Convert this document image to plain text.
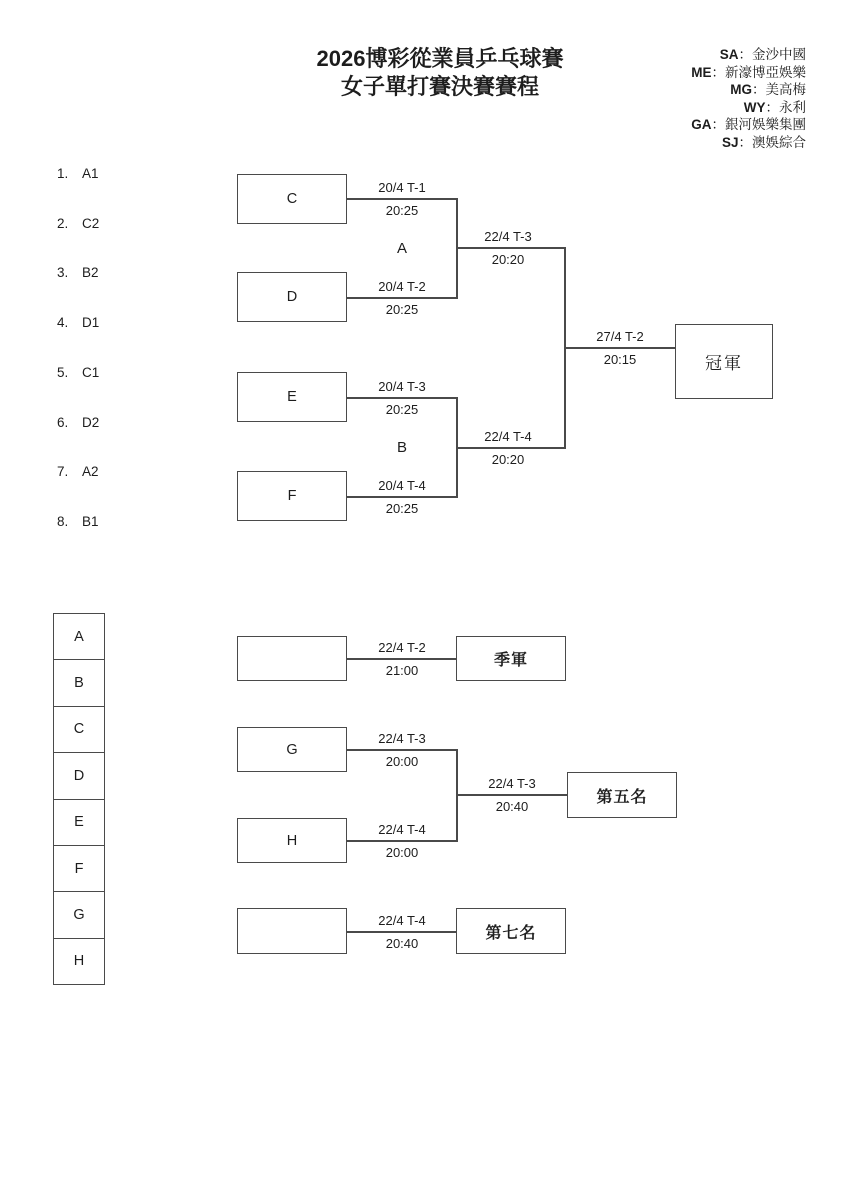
2026博彩從業員乒乓球賽
女子單打賽決賽賽程
SA：金沙中國
ME：新濠博亞娛樂
MG：美高梅
WY：永利
GA：銀河娛樂集團
SJ：澳娛綜合
1. A1
2. C2
3. B2
4. D1
5. C1
6. D2
7. A2
8. B1
C
D
E
F
20/4 T-1
20:25
20/4 T-2
20:25
20/4 T-3
20:25
20/4 T-4
20:25
A
B
22/4 T-3
20:20
22/4 T-4
20:20
27/4 T-2
20:15	冠軍
A
B
C
D
E
F
G
H
22/4 T-2
21:00
季軍
G
H
22/4 T-3
20:00
22/4 T-4
20:00
22/4 T-3
20:40
第五名
22/4 T-4
20:40
第七名
